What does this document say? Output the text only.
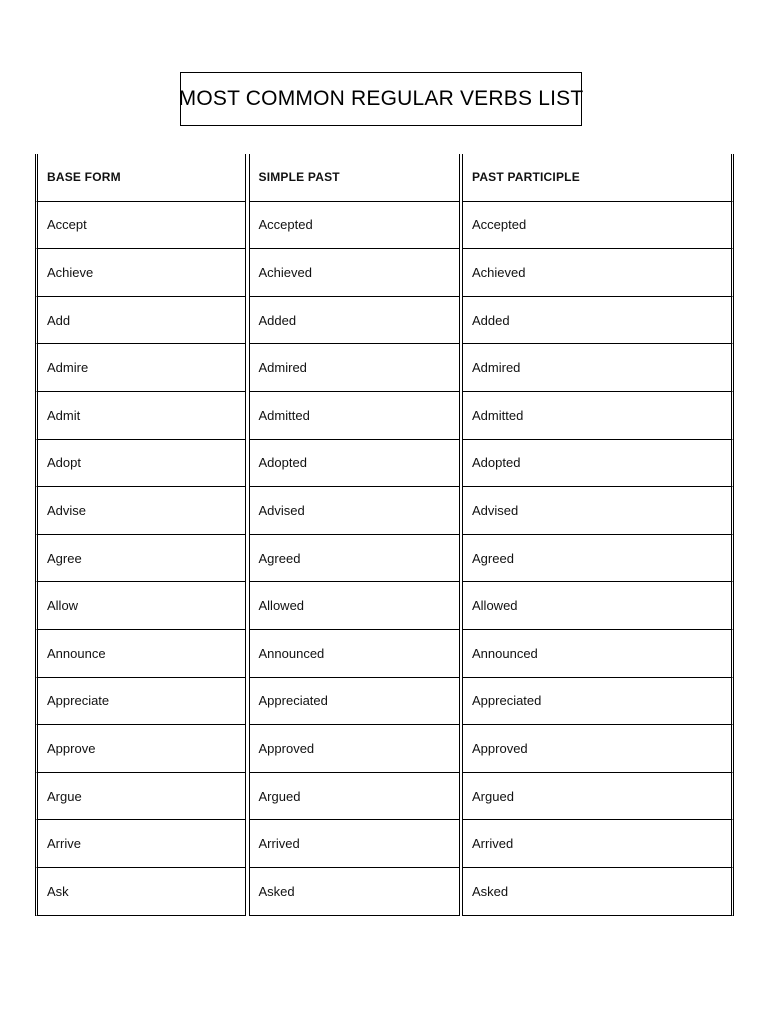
MOST COMMON REGULAR VERBS LIST
BASE FORM	SIMPLE PAST	PAST PARTICIPLE
Accept	Accepted	Accepted
Achieve	Achieved	Achieved
Add	Added	Added
Admire	Admired	Admired
Admit	Admitted	Admitted
Adopt	Adopted	Adopted
Advise	Advised	Advised
Agree	Agreed	Agreed
Allow	Allowed	Allowed
Announce	Announced	Announced
Appreciate	Appreciated	Appreciated
Approve	Approved	Approved
Argue	Argued	Argued
Arrive	Arrived	Arrived
Ask	Asked	Asked
